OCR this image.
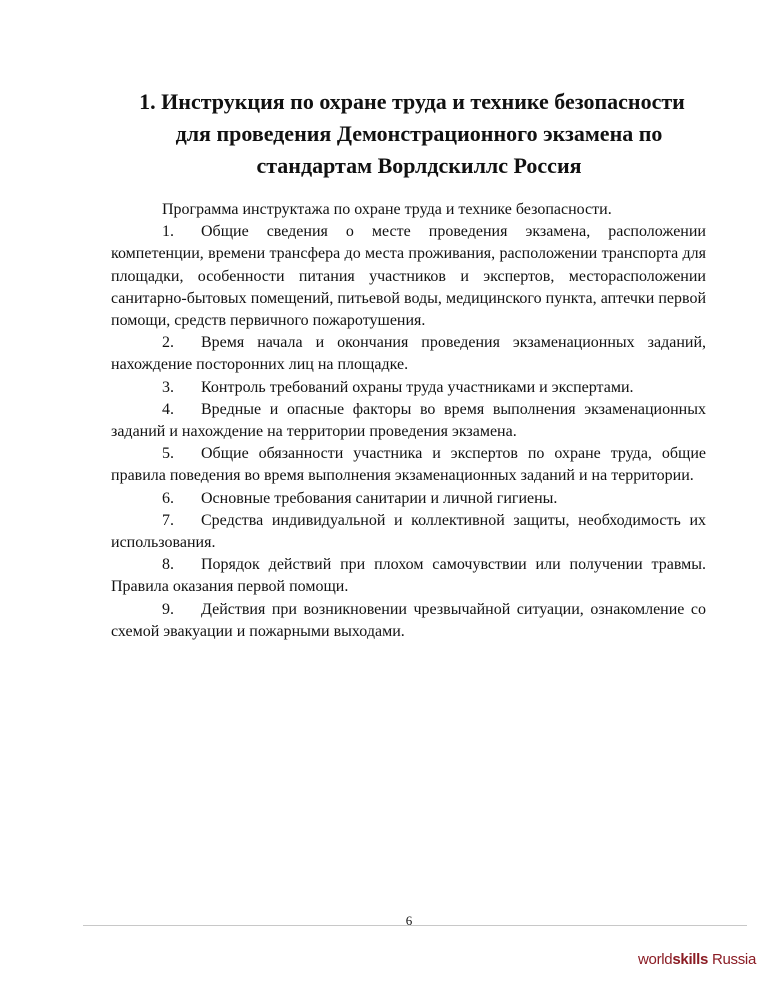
1. Инструкция по охране труда и технике безопасности
для проведения Демонстрационного экзамена по
стандартам Ворлдскиллс Россия

Программа инструктажа по охране труда и технике безопасности.

1. Общие сведения о месте проведения экзамена, расположении компетенции, времени трансфера до места проживания, расположении транспорта для площадки, особенности питания участников и экспертов, месторасположении санитарно-бытовых помещений, питьевой воды, медицинского пункта, аптечки первой помощи, средств первичного пожаротушения.

2. Время начала и окончания проведения экзаменационных заданий, нахождение посторонних лиц на площадке.

3. Контроль требований охраны труда участниками и экспертами.

4. Вредные и опасные факторы во время выполнения экзаменационных заданий и нахождение на территории проведения экзамена.

5. Общие обязанности участника и экспертов по охране труда, общие правила поведения во время выполнения экзаменационных заданий и на территории.

6. Основные требования санитарии и личной гигиены.

7. Средства индивидуальной и коллективной защиты, необходимость их использования.

8. Порядок действий при плохом самочувствии или получении травмы. Правила оказания первой помощи.

9. Действия при возникновении чрезвычайной ситуации, ознакомление со схемой эвакуации и пожарными выходами.

6
worldskills Russia
